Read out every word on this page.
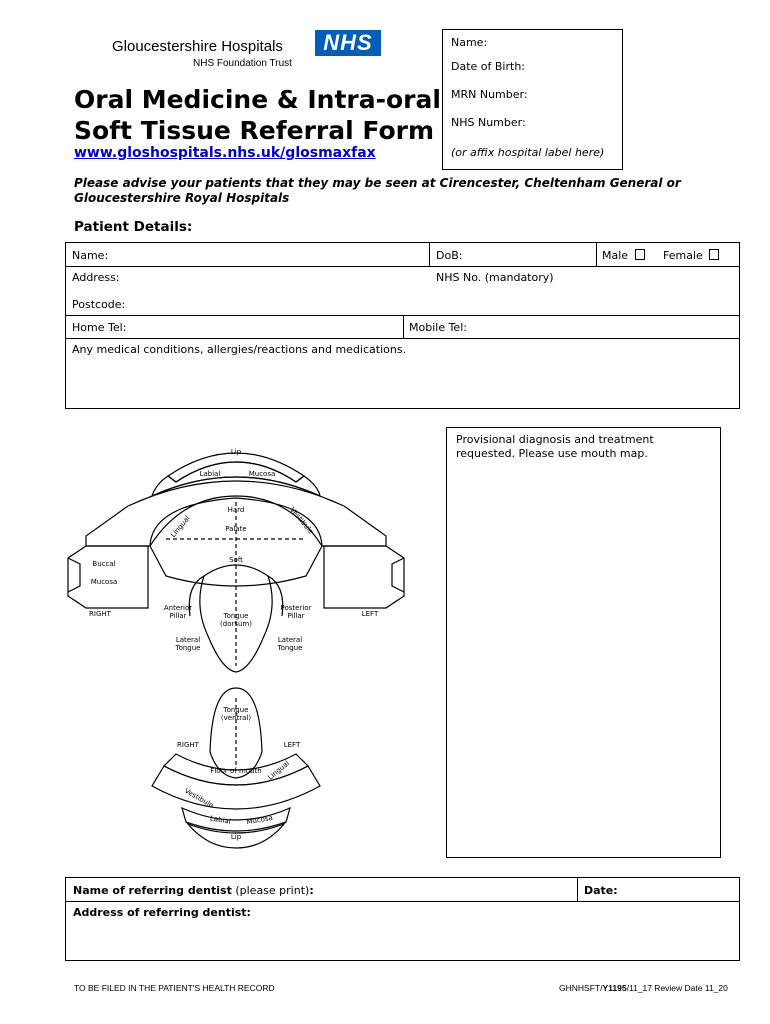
Gloucestershire Hospitals
NHS Foundation Trust
NHS
Oral Medicine & Intra-oral
Soft Tissue Referral Form
www.gloshospitals.nhs.uk/glosmaxfax
Name:
Date of Birth:
MRN Number:
NHS Number:
(or affix hospital label here)
Please advise your patients that they may be seen at Cirencester, Cheltenham General or Gloucestershire Royal Hospitals
Patient Details:
Name:	DoB:	Male	Female
Address:	NHS No. (mandatory)
Postcode:
Home Tel:	Mobile Tel:
Any medical conditions, allergies/reactions and medications.
Lip
Labial	Mucosa
Lingual	Vestibule
Hard
Palate
Soft
Buccal
Mucosa
RIGHT	LEFT
Anterior
Pillar
Posterior
Pillar
Tongue
(dorsum)
Lateral
Tongue
Lateral
Tongue
Tongue
(ventral)
RIGHT	LEFT
Floor of mouth Lingual
Vestibule
Labial Mucosa
Lip
Provisional diagnosis and treatment requested. Please use mouth map.
Name of referring dentist (please print):	Date:
Address of referring dentist:
TO BE FILED IN THE PATIENT'S HEALTH RECORD	GHNHSFT/Y1195/11_17 Review Date 11_20
